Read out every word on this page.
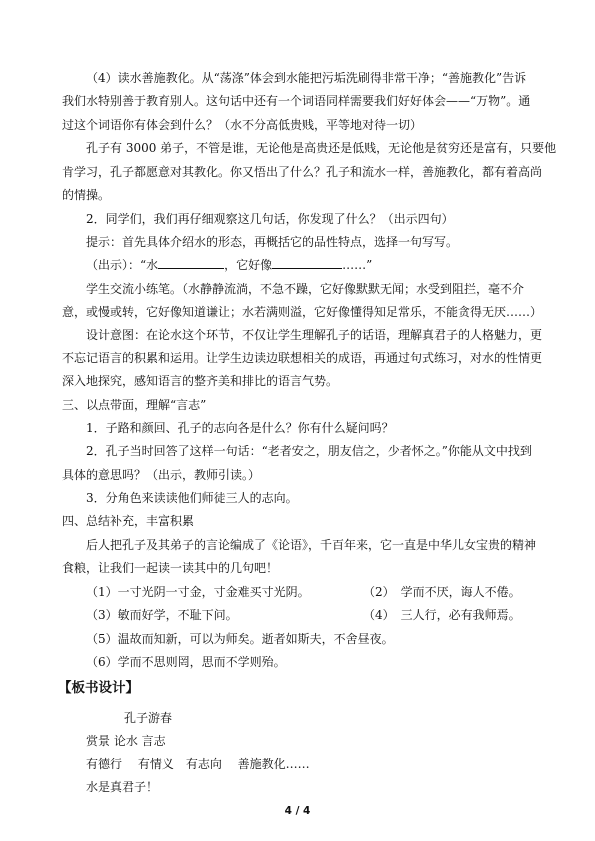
（4）读水善施教化。从“荡涤”体会到水能把污垢洗刷得非常干净；“善施教化”告诉
我们水特别善于教育别人。这句话中还有一个词语同样需要我们好好体会——“万物”。通
过这个词语你有体会到什么？（水不分高低贵贱，平等地对待一切）
孔子有 3000 弟子，不管是谁，无论他是高贵还是低贱，无论他是贫穷还是富有，只要他
肯学习，孔子都愿意对其教化。你又悟出了什么？孔子和流水一样，善施教化，都有着高尚
的情操。
2．同学们，我们再仔细观察这几句话，你发现了什么？（出示四句）
提示：首先具体介绍水的形态，再概括它的品性特点，选择一句写写。
（出示）：“水	，它好像	……”
学生交流小练笔。（水静静流淌，不急不躁，它好像默默无闻；水受到阻拦，毫不介
意，或慢或转，它好像知道谦让；水若满则溢，它好像懂得知足常乐，不能贪得无厌……）
设计意图：在论水这个环节，不仅让学生理解孔子的话语，理解真君子的人格魅力，更
不忘记语言的积累和运用。让学生边读边联想相关的成语，再通过句式练习，对水的性情更
深入地探究，感知语言的整齐美和排比的语言气势。
三、以点带面，理解“言志”
1．子路和颜回、孔子的志向各是什么？你有什么疑问吗？
2．孔子当时回答了这样一句话：“老者安之，朋友信之，少者怀之。”你能从文中找到
具体的意思吗？（出示，教师引读。）
3．分角色来读读他们师徒三人的志向。
四、总结补充，丰富积累
后人把孔子及其弟子的言论编成了《论语》，千百年来，它一直是中华儿女宝贵的精神
食粮，让我们一起读一读其中的几句吧！
（1）一寸光阴一寸金，寸金难买寸光阴。	（2）　学而不厌，诲人不倦。
（3）敏而好学，不耻下问。	（4）　三人行，必有我师焉。
（5）温故而知新，可以为师矣。逝者如斯夫，不舍昼夜。
（6）学而不思则罔，思而不学则殆。
【板书设计】
孔子游春
赏景 论水 言志
有德行　 有情义　有志向　 善施教化……
水是真君子！
4 / 4
